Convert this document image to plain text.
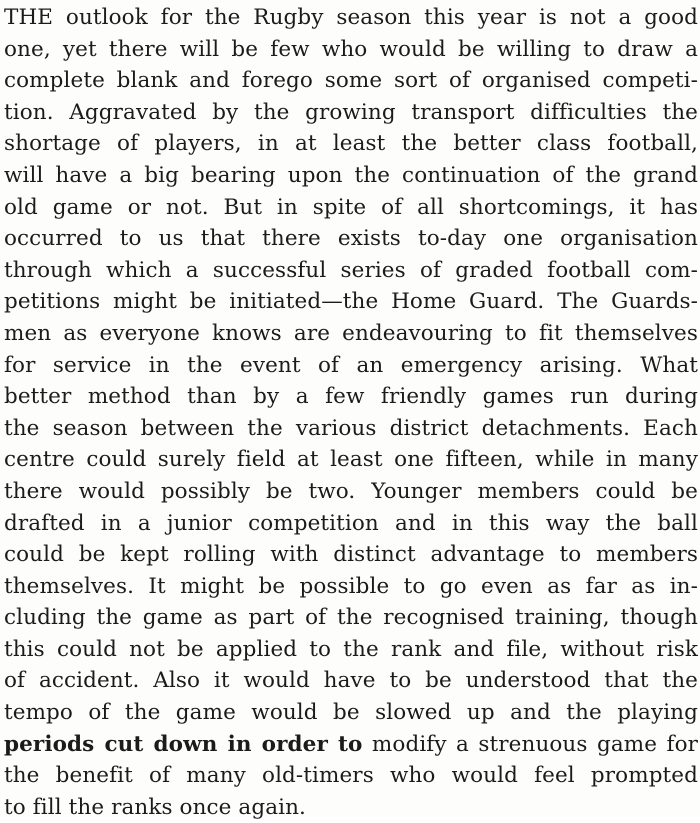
THE outlook for the Rugby season this year is not a good
one, yet there will be few who would be willing to draw a
complete blank and forego some sort of organised competi-
tion. Aggravated by the growing transport difficulties the
shortage of players, in at least the better class football,
will have a big bearing upon the continuation of the grand
old game or not. But in spite of all shortcomings, it has
occurred to us that there exists to-day one organisation
through which a successful series of graded football com-
petitions might be initiated—the Home Guard. The Guards-
men as everyone knows are endeavouring to fit themselves
for service in the event of an emergency arising. What
better method than by a few friendly games run during
the season between the various district detachments. Each
centre could surely field at least one fifteen, while in many
there would possibly be two. Younger members could be
drafted in a junior competition and in this way the ball
could be kept rolling with distinct advantage to members
themselves. It might be possible to go even as far as in-
cluding the game as part of the recognised training, though
this could not be applied to the rank and file, without risk
of accident. Also it would have to be understood that the
tempo of the game would be slowed up and the playing
periods cut down in order to modify a strenuous game for
the benefit of many old-timers who would feel prompted
to fill the ranks once again.
